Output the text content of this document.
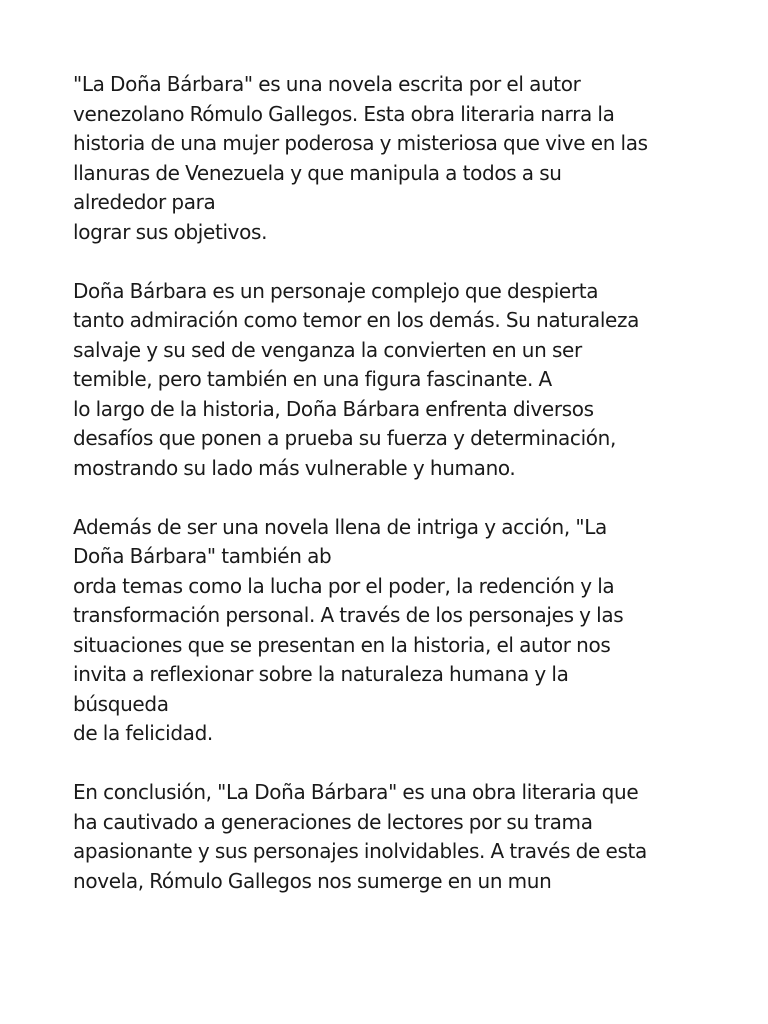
"La Doña Bárbara" es una novela escrita por el autor
venezolano Rómulo Gallegos. Esta obra literaria narra la
historia de una mujer poderosa y misteriosa que vive en las
llanuras de Venezuela y que manipula a todos a su
alrededor para
lograr sus objetivos.

Doña Bárbara es un personaje complejo que despierta
tanto admiración como temor en los demás. Su naturaleza
salvaje y su sed de venganza la convierten en un ser
temible, pero también en una figura fascinante. A
lo largo de la historia, Doña Bárbara enfrenta diversos
desafíos que ponen a prueba su fuerza y determinación,
mostrando su lado más vulnerable y humano.

Además de ser una novela llena de intriga y acción, "La
Doña Bárbara" también ab
orda temas como la lucha por el poder, la redención y la
transformación personal. A través de los personajes y las
situaciones que se presentan en la historia, el autor nos
invita a reflexionar sobre la naturaleza humana y la
búsqueda
de la felicidad.

En conclusión, "La Doña Bárbara" es una obra literaria que
ha cautivado a generaciones de lectores por su trama
apasionante y sus personajes inolvidables. A través de esta
novela, Rómulo Gallegos nos sumerge en un mun
